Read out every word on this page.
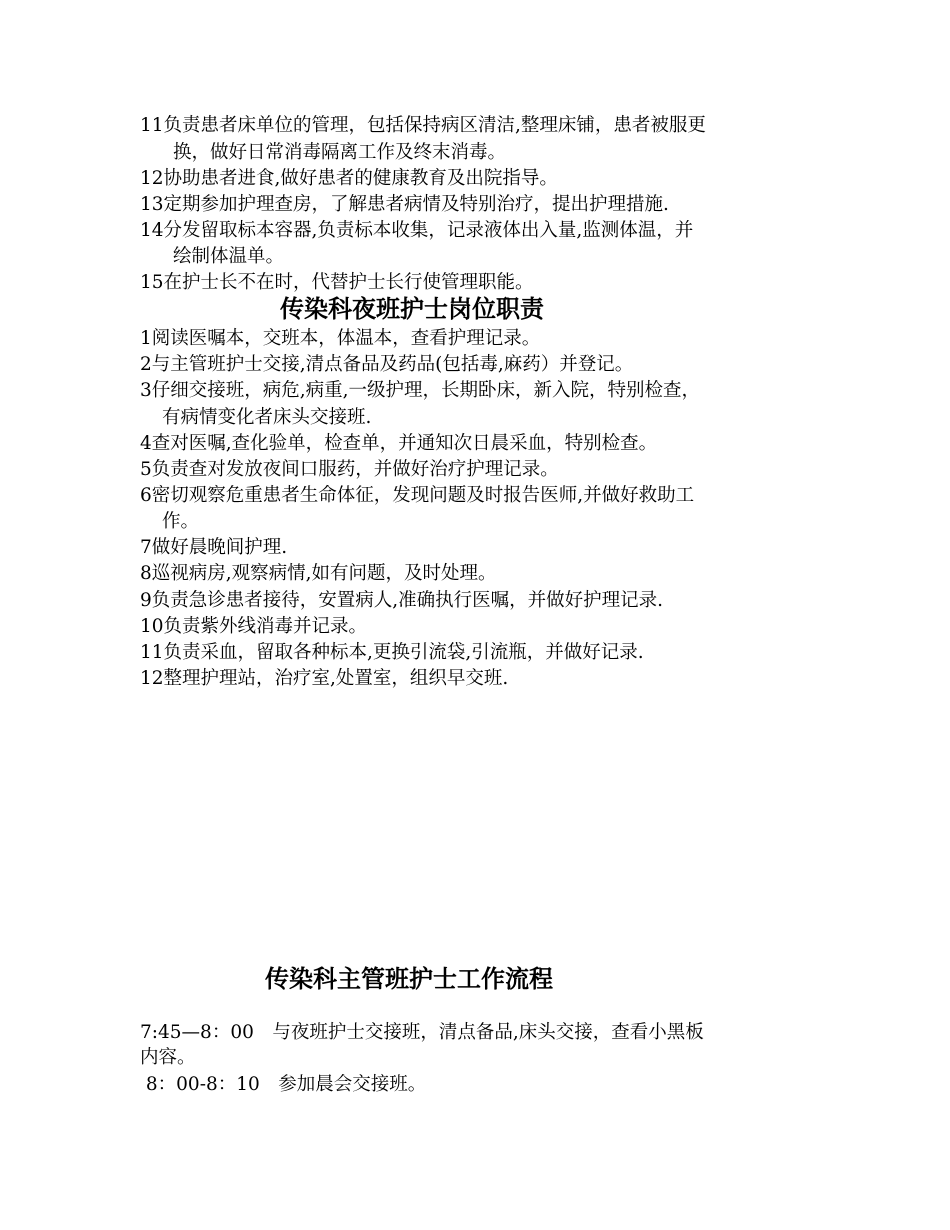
11负责患者床单位的管理，包括保持病区清洁,整理床铺，患者被服更
换，做好日常消毒隔离工作及终末消毒。
12协助患者进食,做好患者的健康教育及出院指导。
13定期参加护理查房，了解患者病情及特别治疗，提出护理措施.
14分发留取标本容器,负责标本收集，记录液体出入量,监测体温，并
绘制体温单。
15在护士长不在时，代替护士长行使管理职能。
传染科夜班护士岗位职责
1阅读医嘱本，交班本，体温本，查看护理记录。
2与主管班护士交接,清点备品及药品(包括毒,麻药）并登记。
3仔细交接班，病危,病重,一级护理，长期卧床，新入院，特别检查，
有病情变化者床头交接班.
4查对医嘱,查化验单，检查单，并通知次日晨采血，特别检查。
5负责查对发放夜间口服药，并做好治疗护理记录。
6密切观察危重患者生命体征，发现问题及时报告医师,并做好救助工
作。
7做好晨晚间护理.
8巡视病房,观察病情,如有问题，及时处理。
9负责急诊患者接待，安置病人,准确执行医嘱，并做好护理记录.
10负责紫外线消毒并记录。
11负责采血，留取各种标本,更换引流袋,引流瓶，并做好记录.
12整理护理站，治疗室,处置室，组织早交班.
传染科主管班护士工作流程
7:45—8：00　与夜班护士交接班，清点备品,床头交接，查看小黑板
内容。
8：00-8：10　参加晨会交接班。
